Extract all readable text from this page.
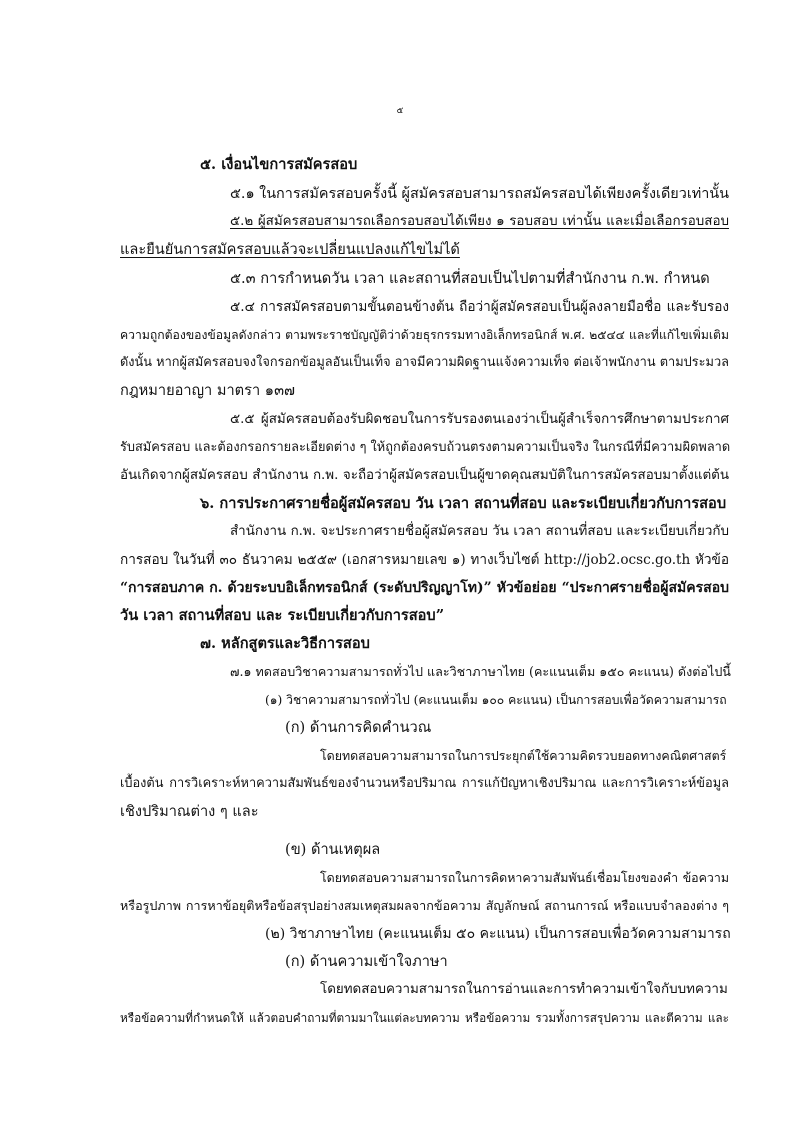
๕
๕. เงื่อนไขการสมัครสอบ
๕.๑ ในการสมัครสอบครั้งนี้ ผู้สมัครสอบสามารถสมัครสอบได้เพียงครั้งเดียวเท่านั้น
๕.๒ ผู้สมัครสอบสามารถเลือกรอบสอบได้เพียง ๑ รอบสอบ เท่านั้น และเมื่อเลือกรอบสอบ
และยืนยันการสมัครสอบแล้วจะเปลี่ยนแปลงแก้ไขไม่ได้
๕.๓ การกำหนดวัน เวลา และสถานที่สอบเป็นไปตามที่สำนักงาน ก.พ. กำหนด
๕.๔ การสมัครสอบตามขั้นตอนข้างต้น ถือว่าผู้สมัครสอบเป็นผู้ลงลายมือชื่อ และรับรอง
ความถูกต้องของข้อมูลดังกล่าว ตามพระราชบัญญัติว่าด้วยธุรกรรมทางอิเล็กทรอนิกส์ พ.ศ. ๒๕๔๔ และที่แก้ไขเพิ่มเติม
ดังนั้น หากผู้สมัครสอบจงใจกรอกข้อมูลอันเป็นเท็จ อาจมีความผิดฐานแจ้งความเท็จ ต่อเจ้าพนักงาน ตามประมวล
กฎหมายอาญา มาตรา ๑๓๗
๕.๕ ผู้สมัครสอบต้องรับผิดชอบในการรับรองตนเองว่าเป็นผู้สำเร็จการศึกษาตามประกาศ
รับสมัครสอบ และต้องกรอกรายละเอียดต่าง ๆ ให้ถูกต้องครบถ้วนตรงตามความเป็นจริง ในกรณีที่มีความผิดพลาด
อันเกิดจากผู้สมัครสอบ สำนักงาน ก.พ. จะถือว่าผู้สมัครสอบเป็นผู้ขาดคุณสมบัติในการสมัครสอบมาตั้งแต่ต้น
๖. การประกาศรายชื่อผู้สมัครสอบ วัน เวลา สถานที่สอบ และระเบียบเกี่ยวกับการสอบ
สำนักงาน ก.พ. จะประกาศรายชื่อผู้สมัครสอบ วัน เวลา สถานที่สอบ และระเบียบเกี่ยวกับ
การสอบ ในวันที่ ๓๐ ธันวาคม ๒๕๕๙ (เอกสารหมายเลข ๑) ทางเว็บไซต์ http://job2.ocsc.go.th หัวข้อ
“การสอบภาค ก. ด้วยระบบอิเล็กทรอนิกส์ (ระดับปริญญาโท)” หัวข้อย่อย “ประกาศรายชื่อผู้สมัครสอบ
วัน เวลา สถานที่สอบ และ ระเบียบเกี่ยวกับการสอบ”
๗. หลักสูตรและวิธีการสอบ
๗.๑ ทดสอบวิชาความสามารถทั่วไป และวิชาภาษาไทย (คะแนนเต็ม ๑๕๐ คะแนน) ดังต่อไปนี้
(๑) วิชาความสามารถทั่วไป (คะแนนเต็ม ๑๐๐ คะแนน) เป็นการสอบเพื่อวัดความสามารถ
(ก) ด้านการคิดคำนวณ
โดยทดสอบความสามารถในการประยุกต์ใช้ความคิดรวบยอดทางคณิตศาสตร์
เบื้องต้น การวิเคราะห์หาความสัมพันธ์ของจำนวนหรือปริมาณ การแก้ปัญหาเชิงปริมาณ และการวิเคราะห์ข้อมูล
เชิงปริมาณต่าง ๆ และ
(ข) ด้านเหตุผล
โดยทดสอบความสามารถในการคิดหาความสัมพันธ์เชื่อมโยงของคำ ข้อความ
หรือรูปภาพ การหาข้อยุติหรือข้อสรุปอย่างสมเหตุสมผลจากข้อความ สัญลักษณ์ สถานการณ์ หรือแบบจำลองต่าง ๆ
(๒) วิชาภาษาไทย (คะแนนเต็ม ๕๐ คะแนน) เป็นการสอบเพื่อวัดความสามารถ
(ก) ด้านความเข้าใจภาษา
โดยทดสอบความสามารถในการอ่านและการทำความเข้าใจกับบทความ
หรือข้อความที่กำหนดให้ แล้วตอบคำถามที่ตามมาในแต่ละบทความ หรือข้อความ รวมทั้งการสรุปความ และตีความ และ
